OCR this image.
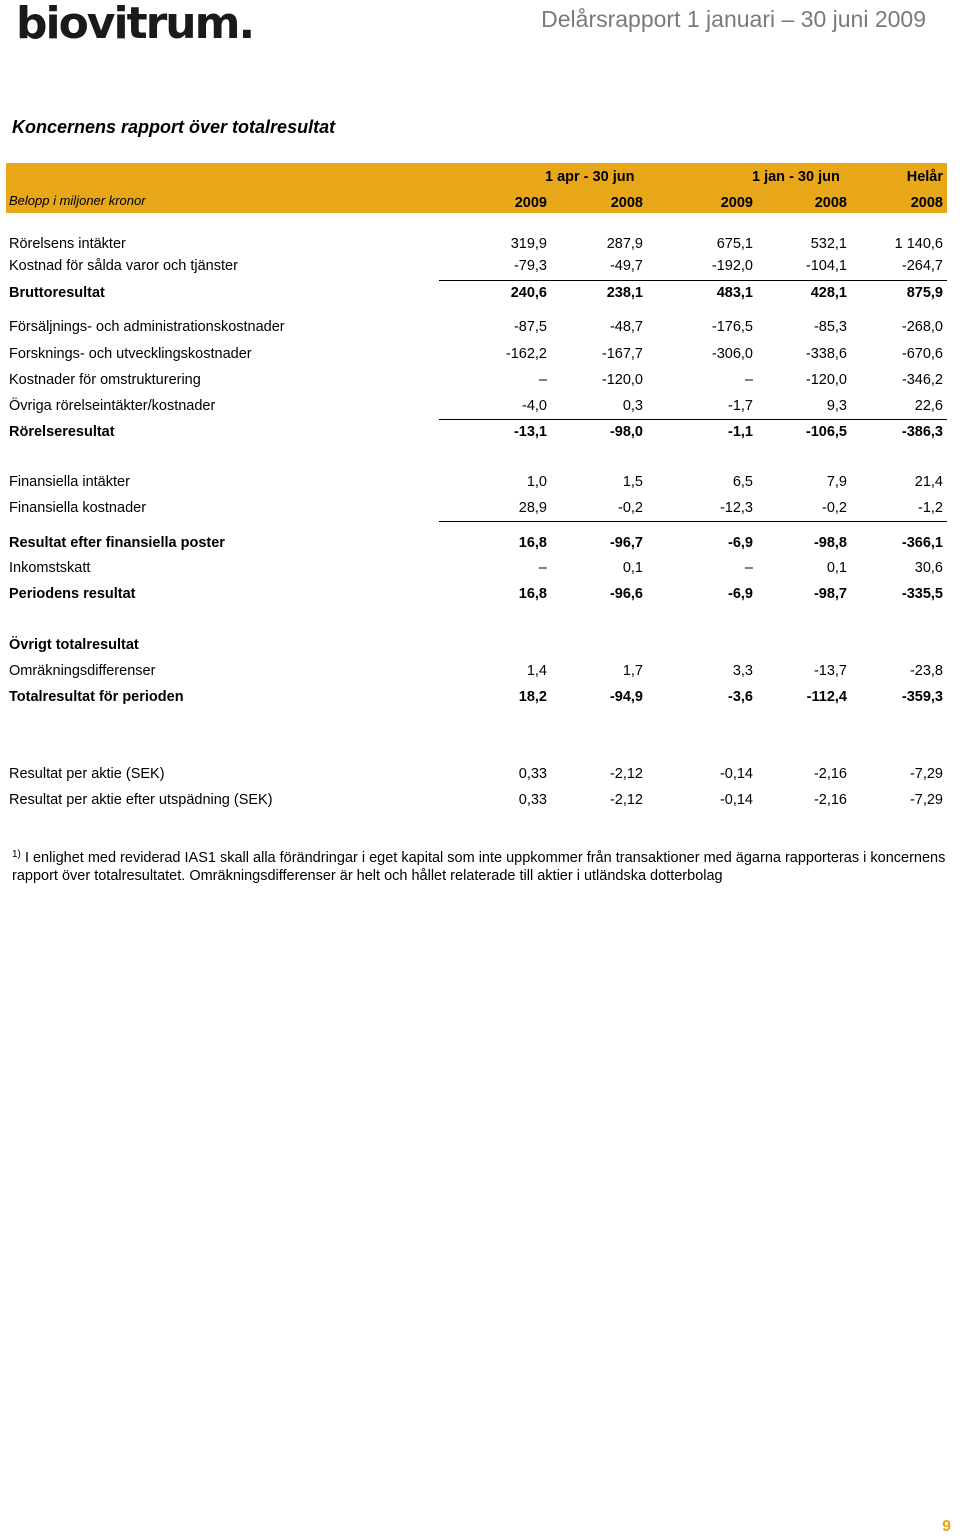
biovitrum.	Delårsrapport 1 januari – 30 juni 2009
Koncernens rapport över totalresultat
1 apr - 30 jun	1 jan - 30 jun	Helår
Belopp i miljoner kronor	2009	2008	2009	2008	2008
Rörelsens intäkter	319,9	287,9	675,1	532,1	1 140,6
Kostnad för sålda varor och tjänster	-79,3	-49,7	-192,0	-104,1	-264,7
Bruttoresultat	240,6	238,1	483,1	428,1	875,9
Försäljnings- och administrationskostnader	-87,5	-48,7	-176,5	-85,3	-268,0
Forsknings- och utvecklingskostnader	-162,2	-167,7	-306,0	-338,6	-670,6
Kostnader för omstrukturering	–	-120,0	–	-120,0	-346,2
Övriga rörelseintäkter/kostnader	-4,0	0,3	-1,7	9,3	22,6
Rörelseresultat	-13,1	-98,0	-1,1	-106,5	-386,3
Finansiella intäkter	1,0	1,5	6,5	7,9	21,4
Finansiella kostnader	28,9	-0,2	-12,3	-0,2	-1,2
Resultat efter finansiella poster	16,8	-96,7	-6,9	-98,8	-366,1
Inkomstskatt	–	0,1	–	0,1	30,6
Periodens resultat	16,8	-96,6	-6,9	-98,7	-335,5
Övrigt totalresultat
Omräkningsdifferenser	1,4	1,7	3,3	-13,7	-23,8
Totalresultat för perioden	18,2	-94,9	-3,6	-112,4	-359,3
Resultat per aktie (SEK)	0,33	-2,12	-0,14	-2,16	-7,29
Resultat per aktie efter utspädning (SEK)	0,33	-2,12	-0,14	-2,16	-7,29
$^{1)}$ I enlighet med reviderad IAS1 skall alla förändringar i eget kapital som inte uppkommer från transaktioner med ägarna rapporteras i koncernens rapport över totalresultatet. Omräkningsdifferenser är helt och hållet relaterade till aktier i utländska dotterbolag
9
